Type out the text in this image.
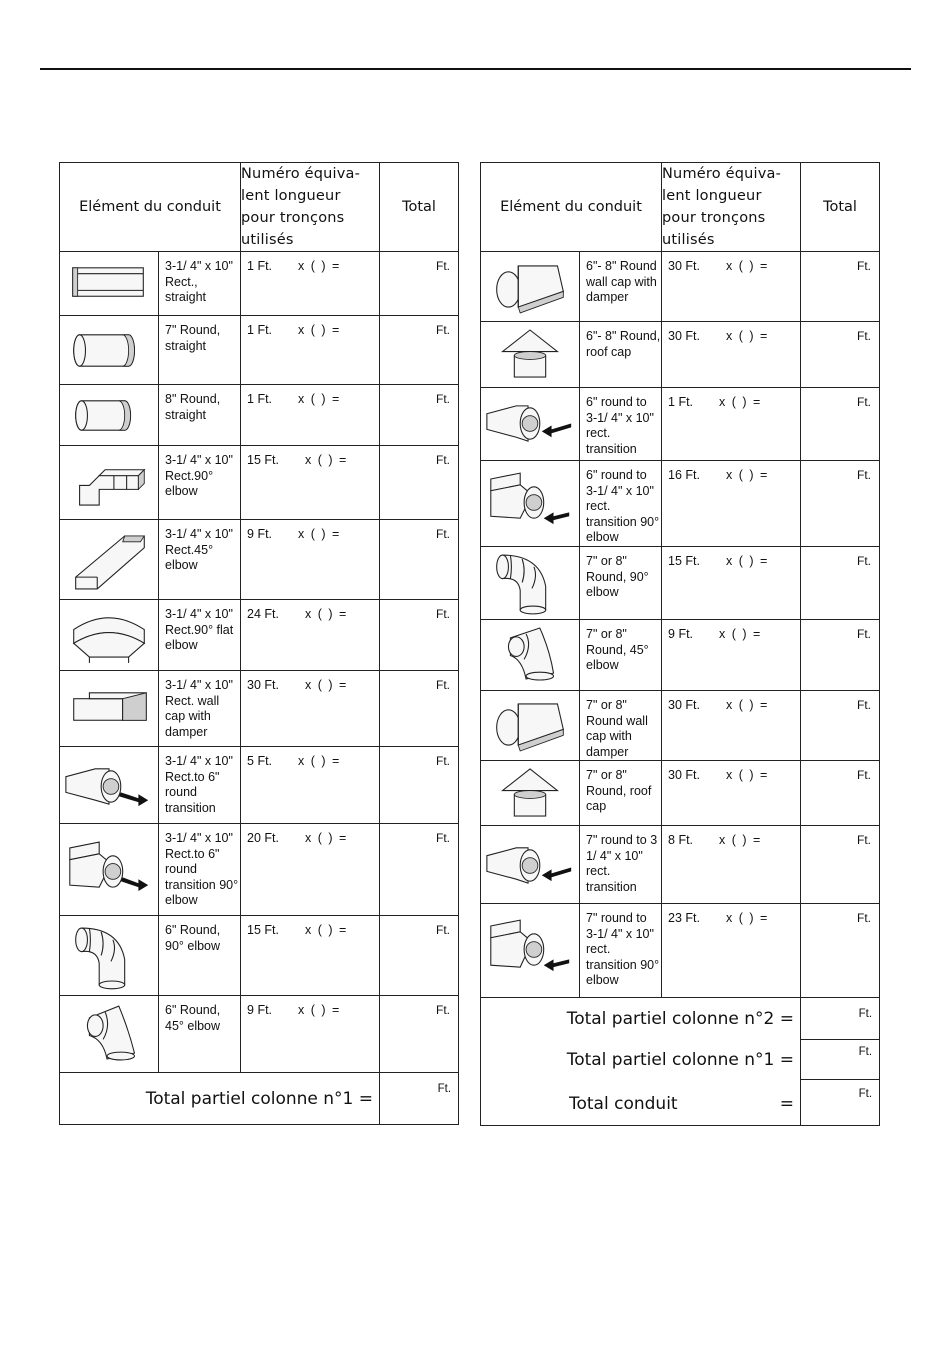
Elément du conduit		Numéro équiva- lent longueur pour tronçons utilisés	Total

	3-1/ 4" x 10" Rect., straight	1 Ft. x ( ) =	Ft.

	7" Round, straight	1 Ft. x ( ) =	Ft.

	8" Round, straight	1 Ft. x ( ) =	Ft.

	3-1/ 4" x 10" Rect.90° elbow	15 Ft. x ( ) =	Ft.

	3-1/ 4" x 10" Rect.45° elbow	9 Ft. x ( ) =	Ft.

	3-1/ 4" x 10" Rect.90° flat elbow	24 Ft. x ( ) =	Ft.

	3-1/ 4" x 10" Rect. wall cap with damper	30 Ft. x ( ) =	Ft.

	3-1/ 4" x 10" Rect.to 6" round transition	5 Ft. x ( ) =	Ft.

	3-1/ 4" x 10" Rect.to 6" round transition 90° elbow	20 Ft. x ( ) =	Ft.

	6" Round, 90° elbow	15 Ft. x ( ) =	Ft.

	6" Round, 45° elbow	9 Ft. x ( ) =	Ft.
Total partiel colonne n°1 =			Ft.
Elément du conduit		Numéro équiva- lent longueur pour tronçons utilisés	Total

	6"- 8" Round wall cap with damper	30 Ft. x ( ) =	Ft.

	6"- 8" Round, roof cap	30 Ft. x ( ) =	Ft.

	6" round to 3-1/ 4" x 10" rect. transition	1 Ft. x ( ) =	Ft.

	6" round to 3-1/ 4" x 10" rect. transition 90° elbow	16 Ft. x ( ) =	Ft.

	7" or 8" Round, 90° elbow	15 Ft. x ( ) =	Ft.

	7" or 8" Round, 45° elbow	9 Ft. x ( ) =	Ft.

	7" or 8" Round wall cap with damper	30 Ft. x ( ) =	Ft.

	7" or 8" Round, roof cap	30 Ft. x ( ) =	Ft.

	7" round to 3 1/ 4" x 10" rect. transition	8 Ft. x ( ) =	Ft.

	7" round to 3-1/ 4" x 10" rect. transition 90° elbow	23 Ft. x ( ) =	Ft.
Total partiel colonne n°2 =			Ft.
Total partiel colonne n°1 =			Ft.

Total conduit =			Ft.
